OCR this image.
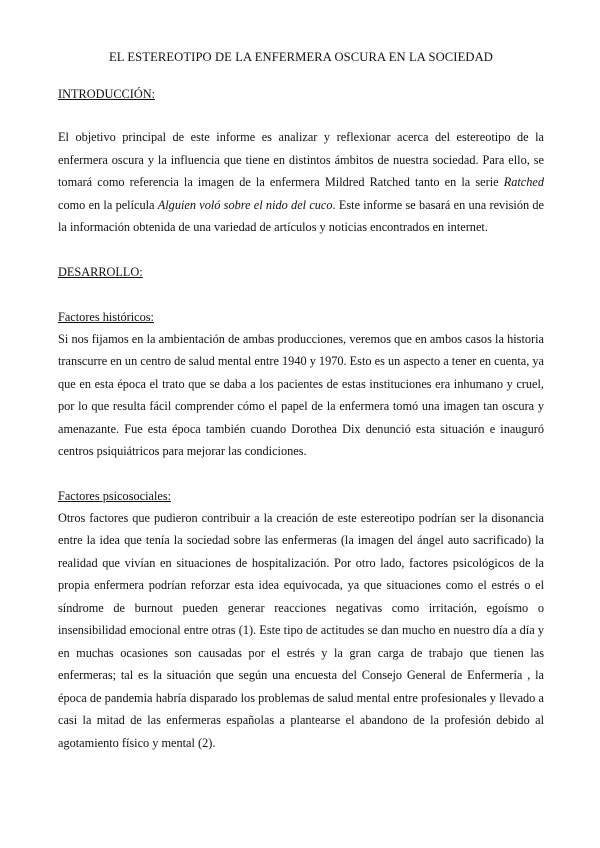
EL ESTEREOTIPO DE LA ENFERMERA OSCURA EN LA SOCIEDAD
INTRODUCCIÓN:

El objetivo principal de este informe es analizar y reflexionar acerca del estereotipo de la enfermera oscura y la influencia que tiene en distintos ámbitos de nuestra sociedad. Para ello, se tomará como referencia la imagen de la enfermera Mildred Ratched tanto en la serie Ratched como en la película Alguien voló sobre el nido del cuco. Este informe se basará en una revisión de la información obtenida de una variedad de artículos y noticias encontrados en internet.

DESARROLLO:
Factores históricos:

Si nos fijamos en la ambientación de ambas producciones, veremos que en ambos casos la historia transcurre en un centro de salud mental entre 1940 y 1970. Esto es un aspecto a tener en cuenta, ya que en esta época el trato que se daba a los pacientes de estas instituciones era inhumano y cruel, por lo que resulta fácil comprender cómo el papel de la enfermera tomó una imagen tan oscura y amenazante. Fue esta época también cuando Dorothea Dix denunció esta situación e inauguró centros psiquiátricos para mejorar las condiciones.

Factores psicosociales:

Otros factores que pudieron contribuir a la creación de este estereotipo podrían ser la disonancia entre la idea que tenía la sociedad sobre las enfermeras (la imagen del ángel auto sacrificado) la realidad que vivían en situaciones de hospitalización. Por otro lado, factores psicológicos de la propia enfermera podrían reforzar esta idea equivocada, ya que situaciones como el estrés o el síndrome de burnout pueden generar reacciones negativas como irritación, egoísmo o insensibilidad emocional entre otras (1). Este tipo de actitudes se dan mucho en nuestro día a día y en muchas ocasiones son causadas por el estrés y la gran carga de trabajo que tienen las enfermeras; tal es la situación que según una encuesta del Consejo General de Enfermería , la época de pandemia habría disparado los problemas de salud mental entre profesionales y llevado a casi la mitad de las enfermeras españolas a plantearse el abandono de la profesión debido al agotamiento físico y mental (2).
